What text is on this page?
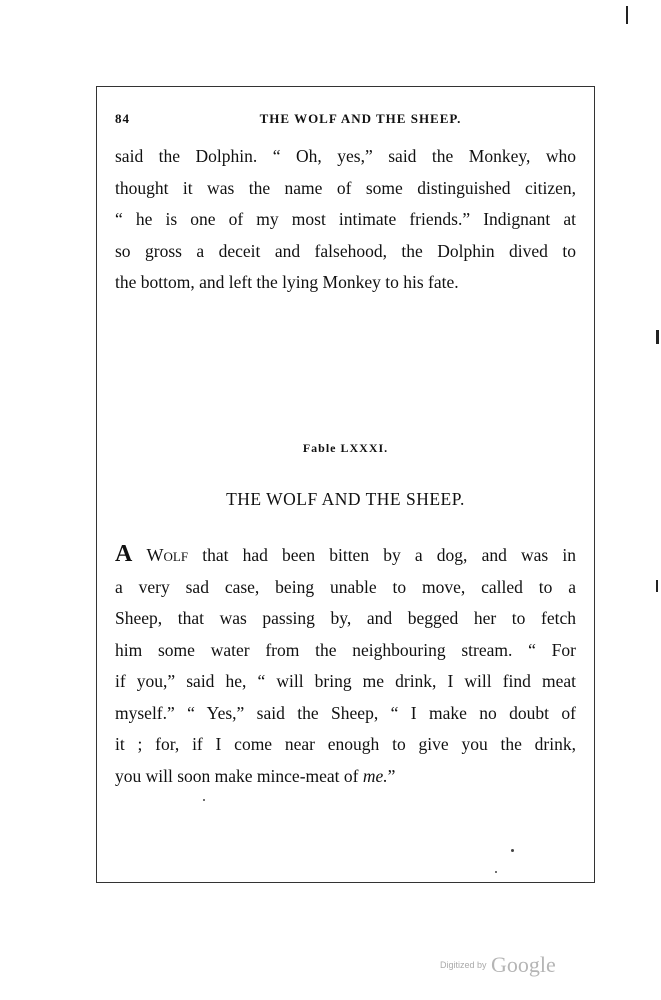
84	THE WOLF AND THE SHEEP.

said the Dolphin. “ Oh, yes,” said the Monkey, who

thought it was the name of some distinguished citizen,

“ he is one of my most intimate friends.” Indignant at

so gross a deceit and falsehood, the Dolphin dived to

the bottom, and left the lying Monkey to his fate.

Fable LXXXI.
THE WOLF AND THE SHEEP.

A Wolf that had been bitten by a dog, and was in

a very sad case, being unable to move, called to a

Sheep, that was passing by, and begged her to fetch

him some water from the neighbouring stream. “ For

if you,” said he, “ will bring me drink, I will find meat

myself.” “ Yes,” said the Sheep, “ I make no doubt of

it ; for, if I come near enough to give you the drink,

you will soon make mince-meat of me.”

Digitized by Google
